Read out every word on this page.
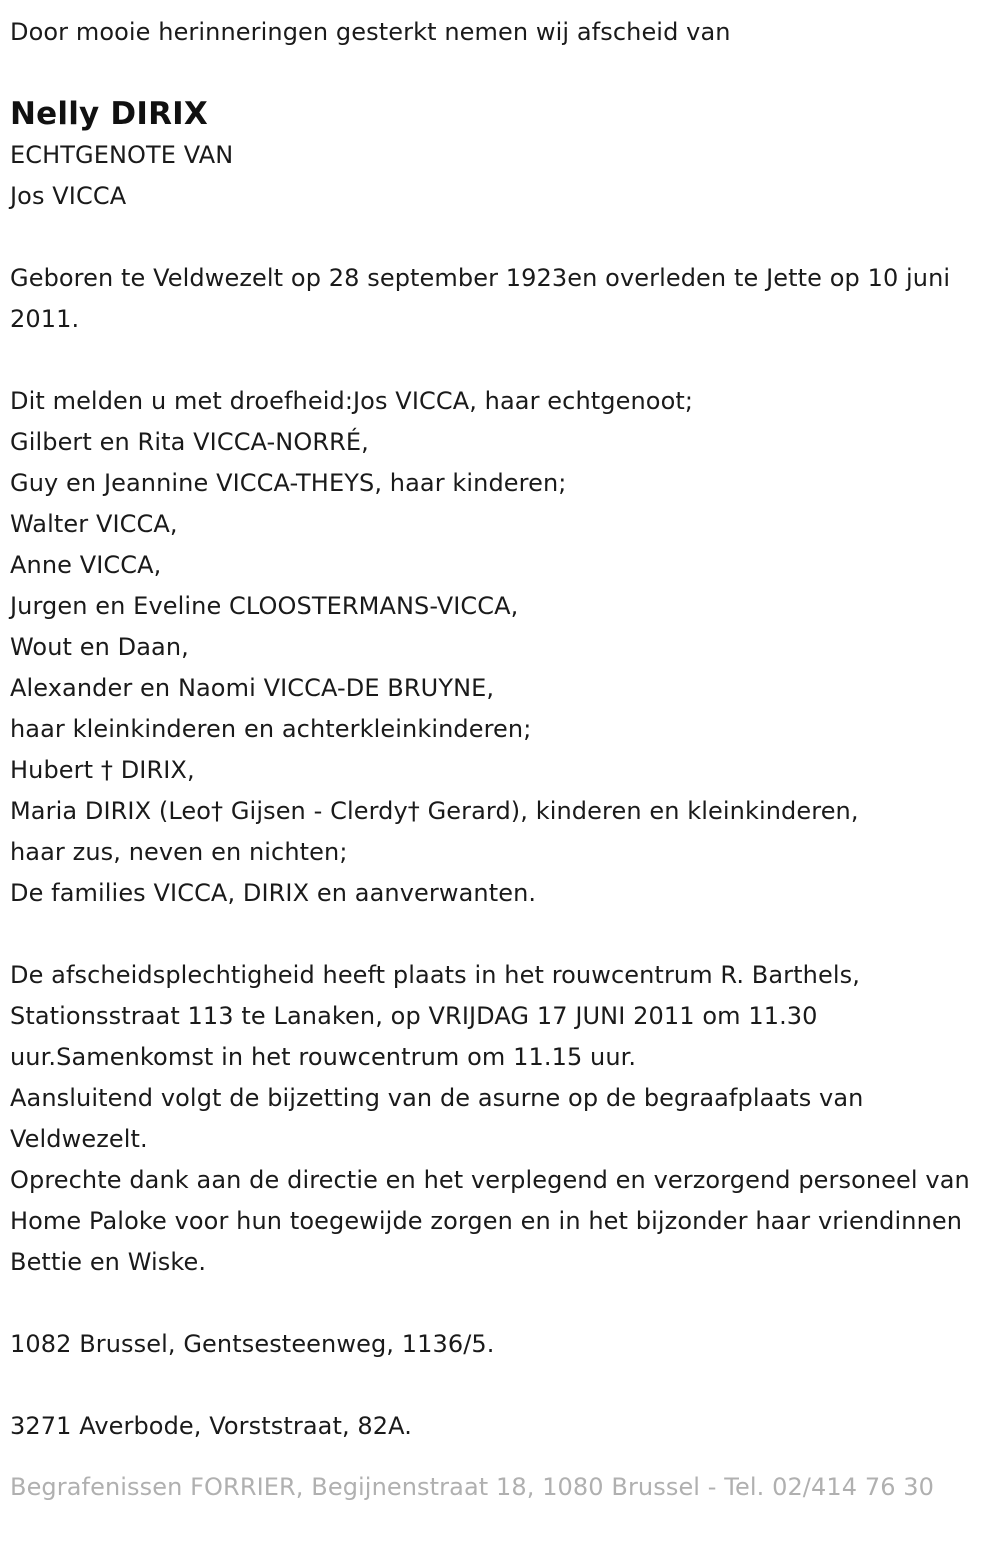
Door mooie herinneringen gesterkt nemen wij afscheid van

Nelly DIRIX

ECHTGENOTE VAN

Jos VICCA

Geboren te Veldwezelt op 28 september 1923en overleden te Jette op 10 juni 2011.

Dit melden u met droefheid:Jos VICCA, haar echtgenoot;

Gilbert en Rita VICCA-NORRÉ,

Guy en Jeannine VICCA-THEYS, haar kinderen;

Walter VICCA,

Anne VICCA,

Jurgen en Eveline CLOOSTERMANS-VICCA,

Wout en Daan,

Alexander en Naomi VICCA-DE BRUYNE,

haar kleinkinderen en achterkleinkinderen;

Hubert † DIRIX,

Maria DIRIX (Leo† Gijsen - Clerdy† Gerard), kinderen en kleinkinderen,

haar zus, neven en nichten;

De families VICCA, DIRIX en aanverwanten.

De afscheidsplechtigheid heeft plaats in het rouwcentrum R. Barthels, Stationsstraat 113 te Lanaken, op VRIJDAG 17 JUNI 2011 om 11.30 uur.Samenkomst in het rouwcentrum om 11.15 uur.

Aansluitend volgt de bijzetting van de asurne op de begraafplaats van Veldwezelt.

Oprechte dank aan de directie en het verplegend en verzorgend personeel van Home Paloke voor hun toegewijde zorgen en in het bijzonder haar vriendinnen Bettie en Wiske.

1082 Brussel, Gentsesteenweg, 1136/5.

3271 Averbode, Vorststraat, 82A.

Begrafenissen FORRIER, Begijnenstraat 18, 1080 Brussel - Tel. 02/414 76 30
